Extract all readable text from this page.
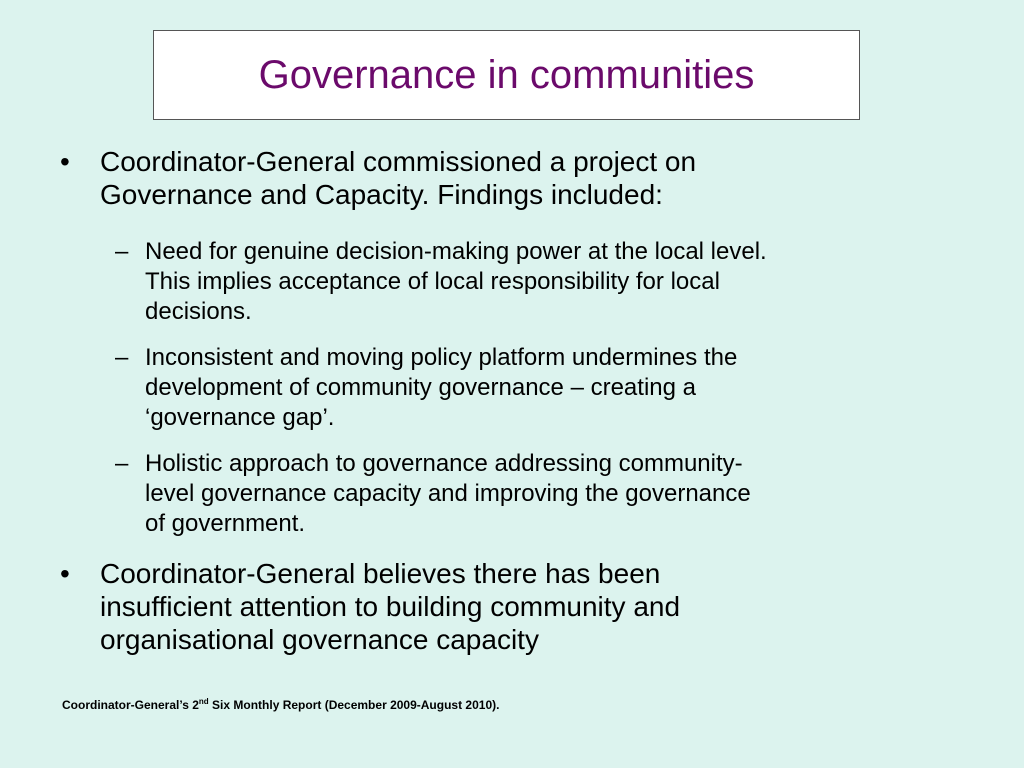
Governance in communities
• Coordinator-General commissioned a project on
Governance and Capacity. Findings included:
– Need for genuine decision-making power at the local level.
This implies acceptance of local responsibility for local
decisions.
– Inconsistent and moving policy platform undermines the
development of community governance – creating a
‘governance gap’.
– Holistic approach to governance addressing community-
level governance capacity and improving the governance
of government.
• Coordinator-General believes there has been
insufficient attention to building community and
organisational governance capacity
Coordinator-General’s 2nd Six Monthly Report (December 2009-August 2010).
